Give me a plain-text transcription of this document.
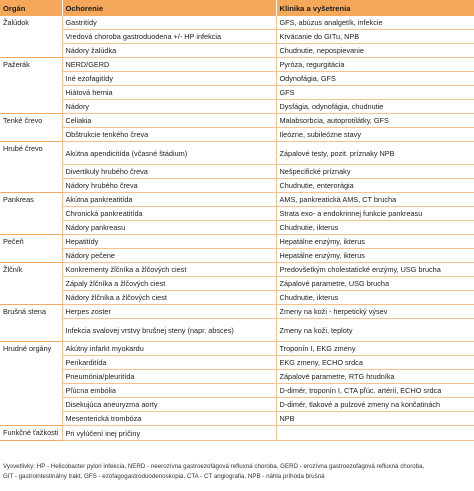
Orgán	Ochorenie	Klinika a vyšetrenia
Žalúdok	Gastritídy	GFS, abúzus analgetík, infekcie
	Vredová choroba gastroduodena +/- HP infekcia	Krvácanie do GITu, NPB
	Nádory žalúdka	Chudnutie, nepospievanie
Pažerák	NERD/GERD	Pyróza, regurgitácia
	Iné ezofagitídy	Odynofágia, GFS
	Hiátová hernia	GFS
	Nádory	Dysfágia, odynofágia, chudnutie
Tenké črevo	Celiakia	Malabsorbcia, autoprotilátky, GFS
	Obštrukcie tenkého čreva	Ileózne, subileózne stavy
Hrubé črevo	Akútna apendicitída (včasné štádium)	Zápalové testy, pozit. príznaky NPB
	Divertikuly hrubého čreva	Nešpecifické príznaky
	Nádory hrubého čreva	Chudnutie, enterorágia
Pankreas	Akútna pankreatitída	AMS, pankreatická AMS, CT brucha
	Chronická pankreatitída	Strata exo- a endokrinnej funkcie pankreasu
	Nádory pankreasu	Chudnutie, ikterus
Pečeň	Hepatitídy	Hepatálne enzýmy, ikterus
	Nádory pečene	Hepatálne enzýmy, ikterus
Žlčník	Konkrementy žlčníka a žlčových ciest	Predovšetkým cholestatické enzýmy, USG brucha
	Zápaly žlčníka a žlčových ciest	Zápalové parametre, USG brucha
	Nádory žlčníka a žlčových ciest	Chudnutie, ikterus
Brušná stena	Herpes zoster	Zmeny na koži - herpetický výsev
	Infekcia svalovej vrstvy brušnej steny (napr. absces)	Zmeny na koži, teploty
Hrudné orgány	Akútny infarkt myokardu	Troponín I, EKG zmeny
	Perikarditída	EKG zmeny, ECHO srdca
	Pneumónia/pleuritída	Zápalové parametre, RTG hrudníka
	Pľúcna embólia	D-dimér, troponín I, CTA pľúc. artérií, ECHO srdca
	Disekujúca aneuryzma aorty	D-dimér, tlakové a pulzové zmeny na končatinách
	Mesenterická trombóza	NPB
Funkčné ťažkosti	Pri vylúčení inej príčiny	
Vysvetlivky: HP - Helicobacter pylori infekcia, NERD - neerozívna gastroezofágová refluxná choroba, GERD - erozívna gastroezofágová refluxná choroba,
GIT - gastrointestinálny trakt, GFS - ezofagogastroduodenoskopia, CTA - CT angiografia, NPB - náhla príhoda brušná
